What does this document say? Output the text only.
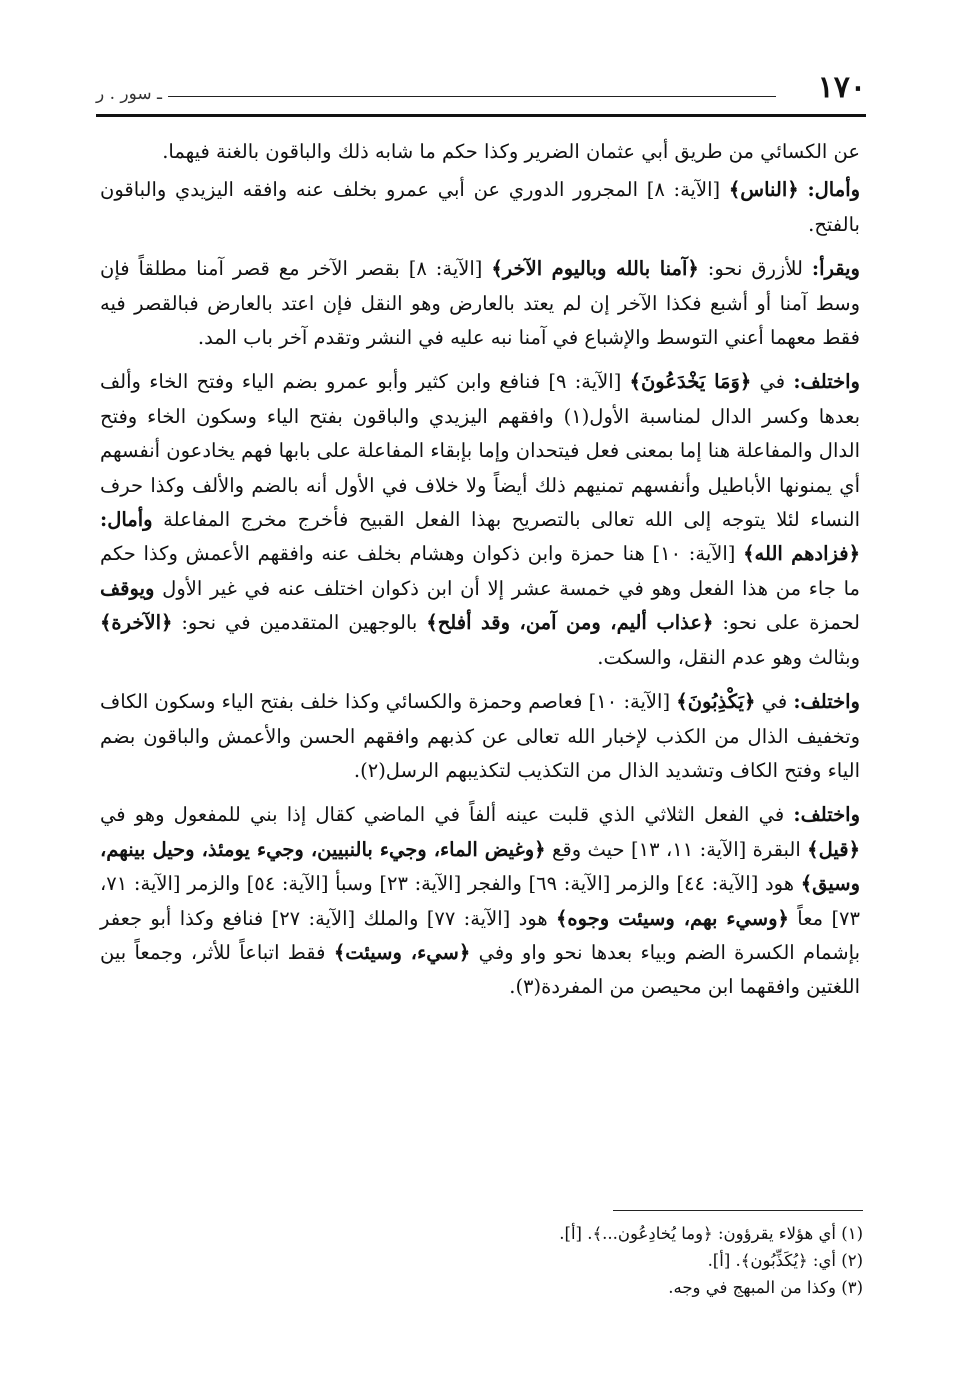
١٧٠
ـ سور . ر

عن الكسائي من طريق أبي عثمان الضرير وكذا حكم ما شابه ذلك والباقون بالغنة فيهما.

وأمال: ﴿الناس﴾ [الآية: ٨] المجرور الدوري عن أبي عمرو بخلف عنه وافقه اليزيدي والباقون بالفتح.

ويقرأ: للأزرق نحو: ﴿آمنا بالله وباليوم الآخر﴾ [الآية: ٨] بقصر الآخر مع قصر آمنا مطلقاً فإن وسط آمنا أو أشبع فكذا الآخر إن لم يعتد بالعارض وهو النقل فإن اعتد بالعارض فبالقصر فيه فقط معهما أعني التوسط والإشباع في آمنا نبه عليه في النشر وتقدم آخر باب المد.

واختلف: في ﴿وَمَا يَخْدَعُونَ﴾ [الآية: ٩] فنافع وابن كثير وأبو عمرو بضم الياء وفتح الخاء وألف بعدها وكسر الدال لمناسبة الأول(١) وافقهم اليزيدي والباقون بفتح الياء وسكون الخاء وفتح الدال والمفاعلة هنا إما بمعنى فعل فيتحدان وإما بإبقاء المفاعلة على بابها فهم يخادعون أنفسهم أي يمنونها الأباطيل وأنفسهم تمنيهم ذلك أيضاً ولا خلاف في الأول أنه بالضم والألف وكذا حرف النساء لئلا يتوجه إلى الله تعالى بالتصريح بهذا الفعل القبيح فأخرج مخرج المفاعلة وأمال: ﴿فزادهم الله﴾ [الآية: ١٠] هنا حمزة وابن ذكوان وهشام بخلف عنه وافقهم الأعمش وكذا حكم ما جاء من هذا الفعل وهو في خمسة عشر إلا أن ابن ذكوان اختلف عنه في غير الأول ويوقف لحمزة على نحو: ﴿عذاب أليم، ومن آمن، وقد أفلح﴾ بالوجهين المتقدمين في نحو: ﴿الآخرة﴾ وبثالث وهو عدم النقل، والسكت.

واختلف: في ﴿يَكْذِبُونَ﴾ [الآية: ١٠] فعاصم وحمزة والكسائي وكذا خلف بفتح الياء وسكون الكاف وتخفيف الذال من الكذب لإخبار الله تعالى عن كذبهم وافقهم الحسن والأعمش والباقون بضم الياء وفتح الكاف وتشديد الذال من التكذيب لتكذيبهم الرسل(٢).

واختلف: في الفعل الثلاثي الذي قلبت عينه ألفاً في الماضي كقال إذا بني للمفعول وهو في ﴿قيل﴾ البقرة [الآية: ١١، ١٣] حيث وقع ﴿وغيض الماء، وجيء بالنبيين، وجيء يومئذ، وحيل بينهم، وسيق﴾ هود [الآية: ٤٤] والزمر [الآية: ٦٩] والفجر [الآية: ٢٣] وسبأ [الآية: ٥٤] والزمر [الآية: ٧١، ٧٣] معاً ﴿وسيء بهم، وسيئت وجوه﴾ هود [الآية: ٧٧] والملك [الآية: ٢٧] فنافع وكذا أبو جعفر بإشمام الكسرة الضم وبياء بعدها نحو واو وفي ﴿سيء، وسيئت﴾ فقط اتباعاً للأثر، وجمعاً بين اللغتين وافقهما ابن محيصن من المفردة(٣).

(١) أي هؤلاء يقرؤون: ﴿وما يُخادِعُون...﴾. [أ].

(٢) أي: ﴿يُكَذِّبُون﴾. [أ].

(٣) وكذا من المبهج في وجه.
